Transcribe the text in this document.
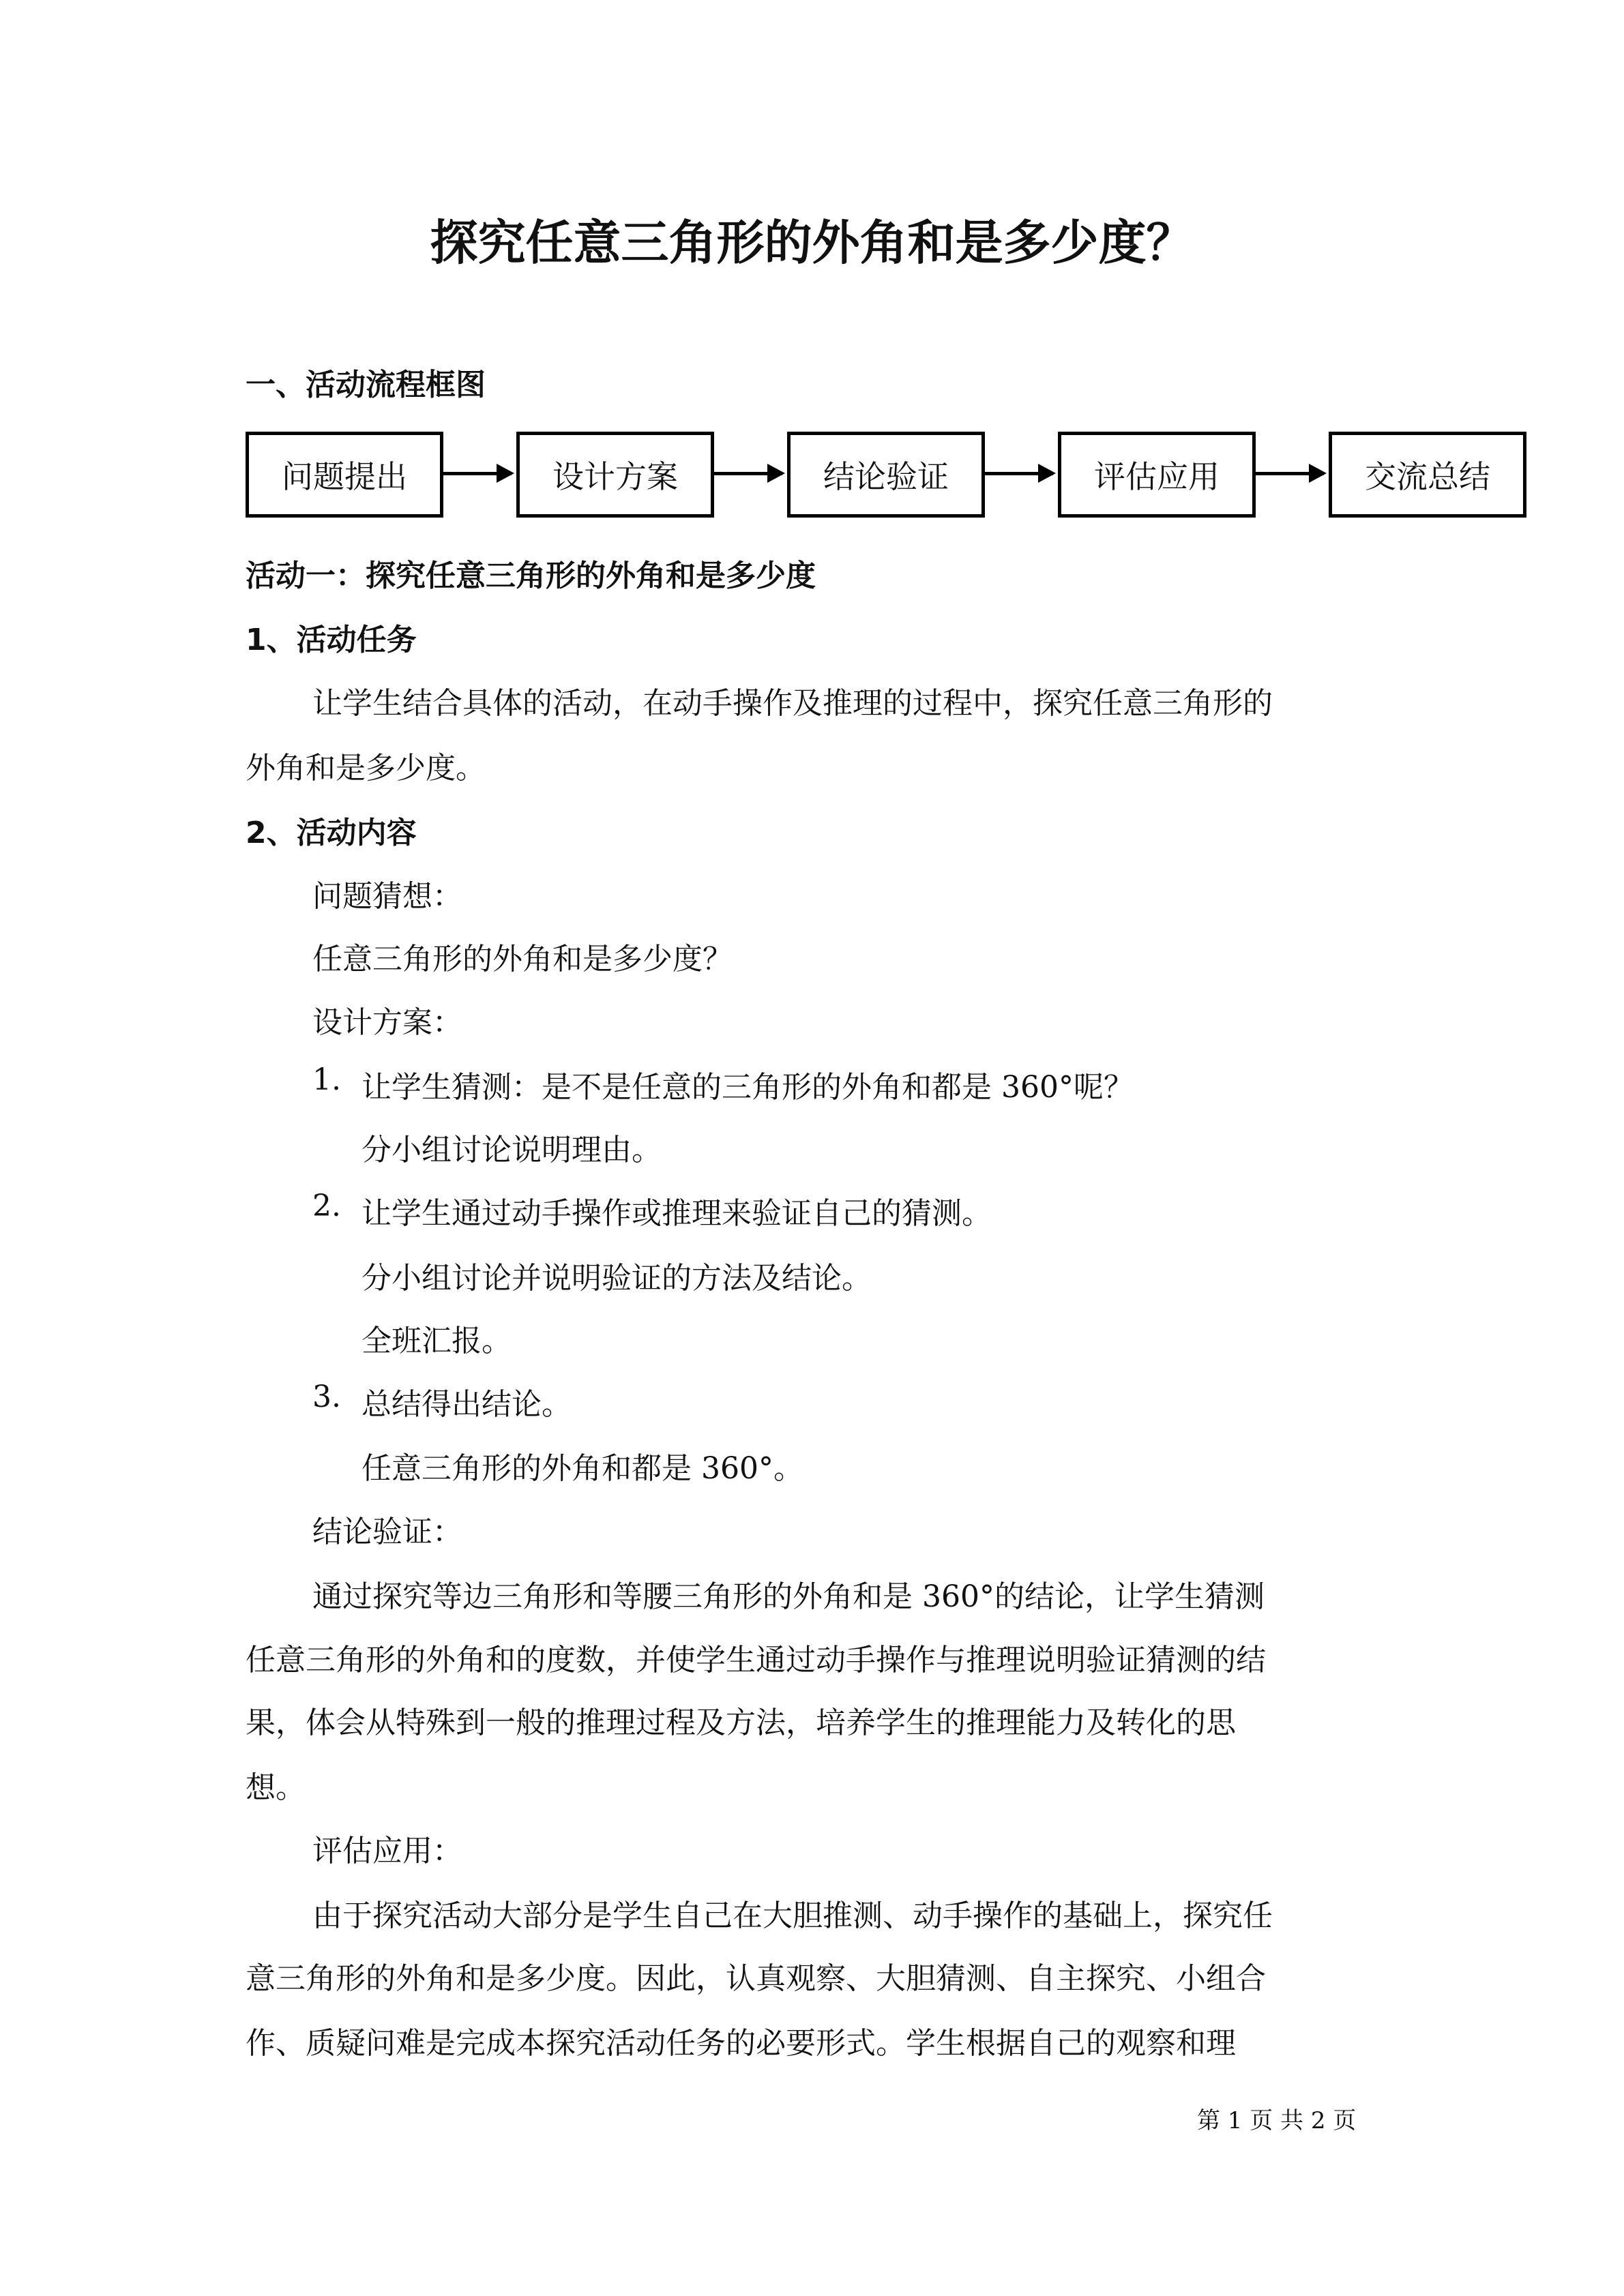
探究任意三角形的外角和是多少度？
一、活动流程框图
问题提出	设计方案	结论验证	评估应用	交流总结
活动一：探究任意三角形的外角和是多少度
1、活动任务
让学生结合具体的活动，在动手操作及推理的过程中，探究任意三角形的
外角和是多少度。
2、活动内容
问题猜想：
任意三角形的外角和是多少度？
设计方案：
1. 让学生猜测：是不是任意的三角形的外角和都是 360°呢？
分小组讨论说明理由。
2. 让学生通过动手操作或推理来验证自己的猜测。
分小组讨论并说明验证的方法及结论。
全班汇报。
3. 总结得出结论。
任意三角形的外角和都是 360°。
结论验证：
通过探究等边三角形和等腰三角形的外角和是 360°的结论，让学生猜测
任意三角形的外角和的度数，并使学生通过动手操作与推理说明验证猜测的结
果，体会从特殊到一般的推理过程及方法，培养学生的推理能力及转化的思
想。
评估应用：
由于探究活动大部分是学生自己在大胆推测、动手操作的基础上，探究任
意三角形的外角和是多少度。因此，认真观察、大胆猜测、自主探究、小组合
作、质疑问难是完成本探究活动任务的必要形式。学生根据自己的观察和理
第 1 页 共 2 页
